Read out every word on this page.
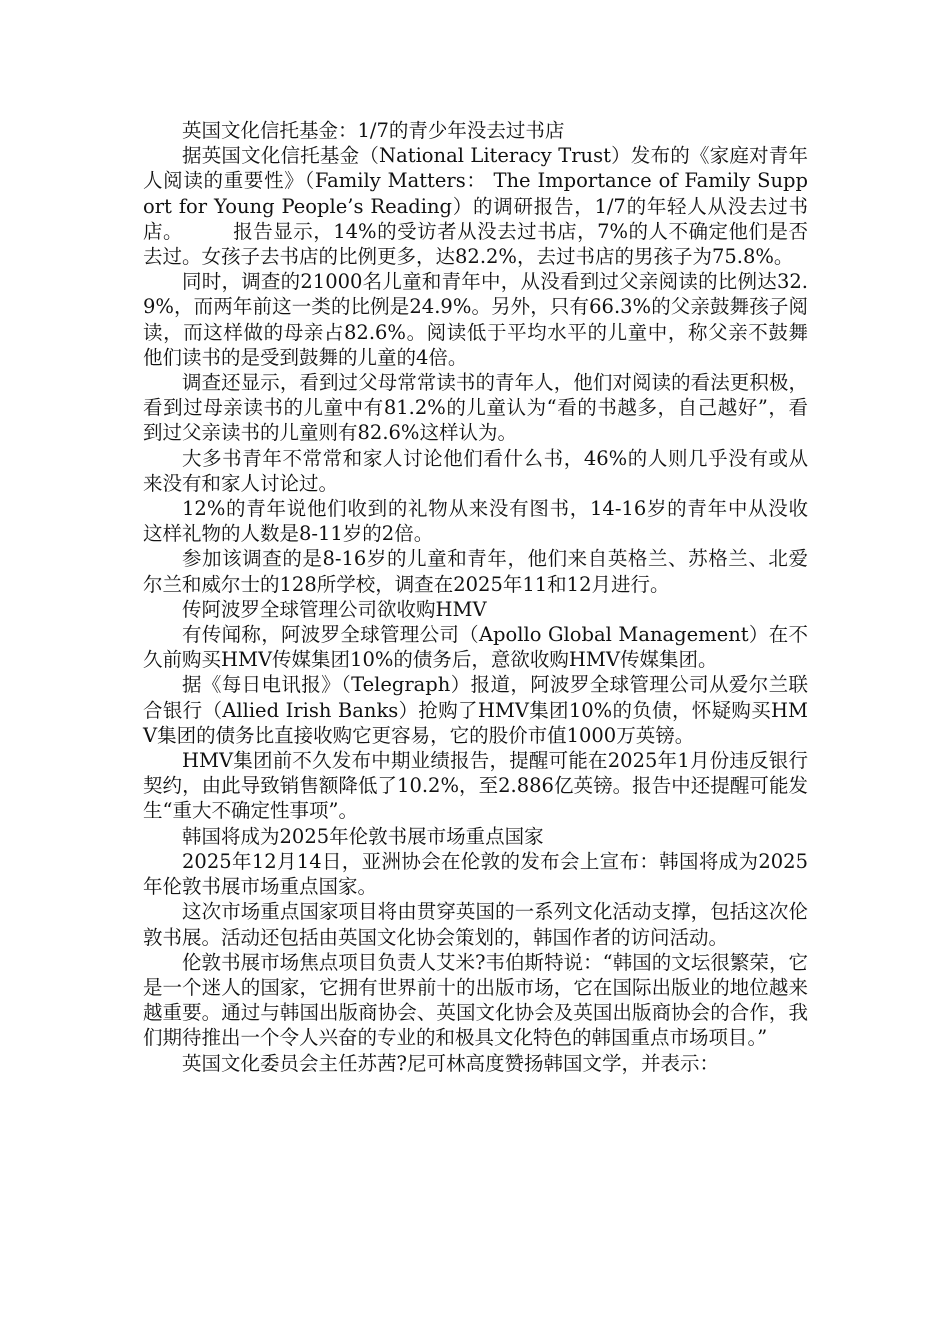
英国文化信托基金：1/7的青少年没去过书店

据英国文化信托基金（National Literacy Trust）发布的《家庭对青年人阅读的重要性》（Family Matters： The Importance of Family Support for Young People’s Reading）的调研报告，1/7的年轻人从没去过书店。　　　报告显示，14%的受访者从没去过书店，7%的人不确定他们是否去过。女孩子去书店的比例更多，达82.2%，去过书店的男孩子为75.8%。

同时，调查的21000名儿童和青年中，从没看到过父亲阅读的比例达32.9%，而两年前这一类的比例是24.9%。另外，只有66.3%的父亲鼓舞孩子阅读，而这样做的母亲占82.6%。阅读低于平均水平的儿童中，称父亲不鼓舞他们读书的是受到鼓舞的儿童的4倍。

调查还显示，看到过父母常常读书的青年人，他们对阅读的看法更积极，看到过母亲读书的儿童中有81.2%的儿童认为“看的书越多，自己越好”，看到过父亲读书的儿童则有82.6%这样认为。

大多书青年不常常和家人讨论他们看什么书，46%的人则几乎没有或从来没有和家人讨论过。

12%的青年说他们收到的礼物从来没有图书，14-16岁的青年中从没收这样礼物的人数是8-11岁的2倍。

参加该调查的是8-16岁的儿童和青年，他们来自英格兰、苏格兰、北爱尔兰和威尔士的128所学校，调查在2025年11和12月进行。

传阿波罗全球管理公司欲收购HMV

有传闻称，阿波罗全球管理公司（Apollo Global Management）在不久前购买HMV传媒集团10%的债务后，意欲收购HMV传媒集团。

据《每日电讯报》（Telegraph）报道，阿波罗全球管理公司从爱尔兰联合银行（Allied Irish Banks）抢购了HMV集团10%的负债，怀疑购买HMV集团的债务比直接收购它更容易，它的股价市值1000万英镑。

HMV集团前不久发布中期业绩报告，提醒可能在2025年1月份违反银行契约，由此导致销售额降低了10.2%，至2.886亿英镑。报告中还提醒可能发生“重大不确定性事项”。

韩国将成为2025年伦敦书展市场重点国家

2025年12月14日，亚洲协会在伦敦的发布会上宣布：韩国将成为2025年伦敦书展市场重点国家。

这次市场重点国家项目将由贯穿英国的一系列文化活动支撑，包括这次伦敦书展。活动还包括由英国文化协会策划的，韩国作者的访问活动。

伦敦书展市场焦点项目负责人艾米?韦伯斯特说：“韩国的文坛很繁荣，它是一个迷人的国家，它拥有世界前十的出版市场，它在国际出版业的地位越来越重要。通过与韩国出版商协会、英国文化协会及英国出版商协会的合作，我们期待推出一个令人兴奋的专业的和极具文化特色的韩国重点市场项目。”

英国文化委员会主任苏茜?尼可林高度赞扬韩国文学，并表示：
